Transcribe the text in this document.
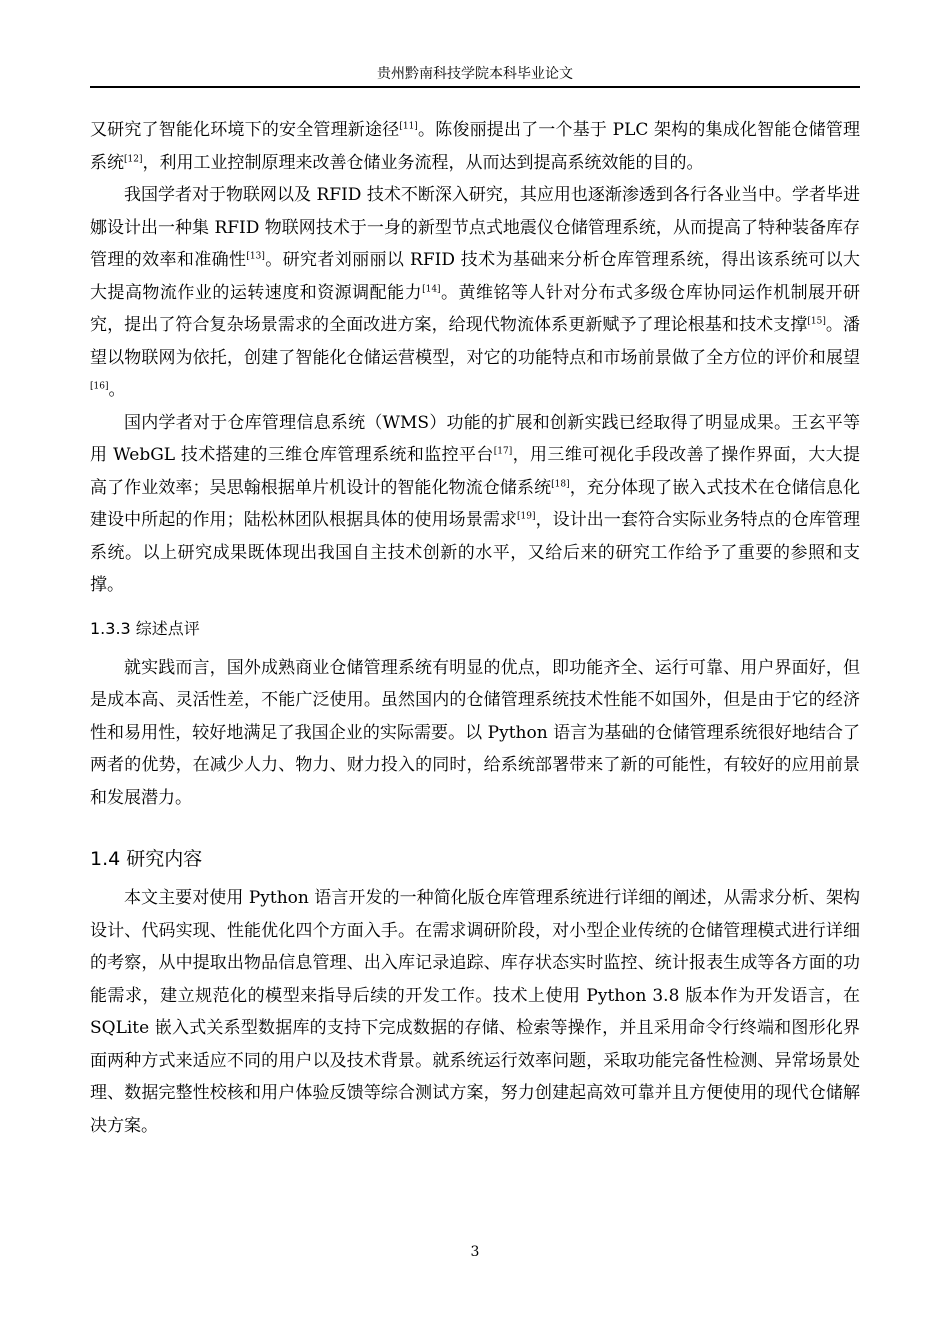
贵州黔南科技学院本科毕业论文

又研究了智能化环境下的安全管理新途径[11]。陈俊丽提出了一个基于 PLC 架构的集成化智能仓储管理系统[12]，利用工业控制原理来改善仓储业务流程，从而达到提高系统效能的目的。

我国学者对于物联网以及 RFID 技术不断深入研究，其应用也逐渐渗透到各行各业当中。学者毕进娜设计出一种集 RFID 物联网技术于一身的新型节点式地震仪仓储管理系统，从而提高了特种装备库存管理的效率和准确性[13]。研究者刘丽丽以 RFID 技术为基础来分析仓库管理系统，得出该系统可以大大提高物流作业的运转速度和资源调配能力[14]。黄维铭等人针对分布式多级仓库协同运作机制展开研究，提出了符合复杂场景需求的全面改进方案，给现代物流体系更新赋予了理论根基和技术支撑[15]。潘望以物联网为依托，创建了智能化仓储运营模型，对它的功能特点和市场前景做了全方位的评价和展望[16]。

国内学者对于仓库管理信息系统（WMS）功能的扩展和创新实践已经取得了明显成果。王玄平等用 WebGL 技术搭建的三维仓库管理系统和监控平台[17]，用三维可视化手段改善了操作界面，大大提高了作业效率；吴思翰根据单片机设计的智能化物流仓储系统[18]，充分体现了嵌入式技术在仓储信息化建设中所起的作用；陆松林团队根据具体的使用场景需求[19]，设计出一套符合实际业务特点的仓库管理系统。以上研究成果既体现出我国自主技术创新的水平，又给后来的研究工作给予了重要的参照和支撑。

1.3.3 综述点评

就实践而言，国外成熟商业仓储管理系统有明显的优点，即功能齐全、运行可靠、用户界面好，但是成本高、灵活性差，不能广泛使用。虽然国内的仓储管理系统技术性能不如国外，但是由于它的经济性和易用性，较好地满足了我国企业的实际需要。以 Python 语言为基础的仓储管理系统很好地结合了两者的优势，在减少人力、物力、财力投入的同时，给系统部署带来了新的可能性，有较好的应用前景和发展潜力。

1.4 研究内容

本文主要对使用 Python 语言开发的一种简化版仓库管理系统进行详细的阐述，从需求分析、架构设计、代码实现、性能优化四个方面入手。在需求调研阶段，对小型企业传统的仓储管理模式进行详细的考察，从中提取出物品信息管理、出入库记录追踪、库存状态实时监控、统计报表生成等各方面的功能需求，建立规范化的模型来指导后续的开发工作。技术上使用 Python 3.8 版本作为开发语言，在 SQLite 嵌入式关系型数据库的支持下完成数据的存储、检索等操作，并且采用命令行终端和图形化界面两种方式来适应不同的用户以及技术背景。就系统运行效率问题，采取功能完备性检测、异常场景处理、数据完整性校核和用户体验反馈等综合测试方案，努力创建起高效可靠并且方便使用的现代仓储解决方案。

3
